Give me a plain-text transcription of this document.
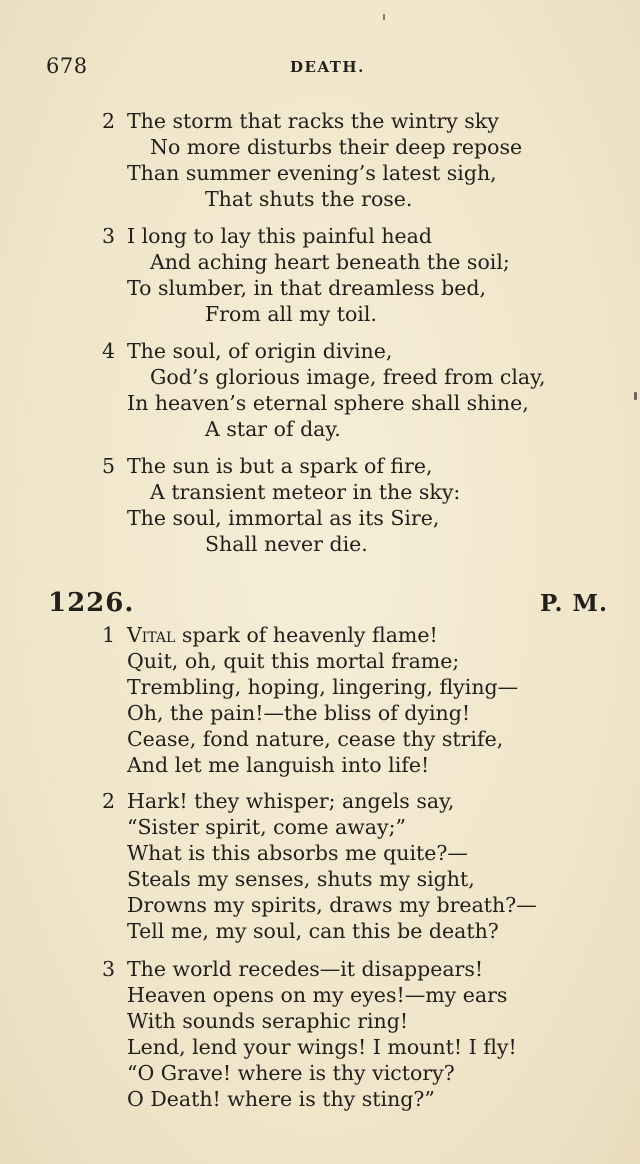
678	DEATH.
2 The storm that racks the wintry sky
No more disturbs their deep repose
Than summer evening’s latest sigh,
That shuts the rose.
3 I long to lay this painful head
And aching heart beneath the soil;
To slumber, in that dreamless bed,
From all my toil.
4 The soul, of origin divine,
God’s glorious image, freed from clay,
In heaven’s eternal sphere shall shine,
A star of day.
5 The sun is but a spark of fire,
A transient meteor in the sky:
The soul, immortal as its Sire,
Shall never die.
1226.	P. M.
1 Vital spark of heavenly flame!
Quit, oh, quit this mortal frame;
Trembling, hoping, lingering, flying—
Oh, the pain!—the bliss of dying!
Cease, fond nature, cease thy strife,
And let me languish into life!
2 Hark! they whisper; angels say,
“Sister spirit, come away;”
What is this absorbs me quite?—
Steals my senses, shuts my sight,
Drowns my spirits, draws my breath?—
Tell me, my soul, can this be death?
3 The world recedes—it disappears!
Heaven opens on my eyes!—my ears
With sounds seraphic ring!
Lend, lend your wings! I mount! I fly!
“O Grave! where is thy victory?
O Death! where is thy sting?”
